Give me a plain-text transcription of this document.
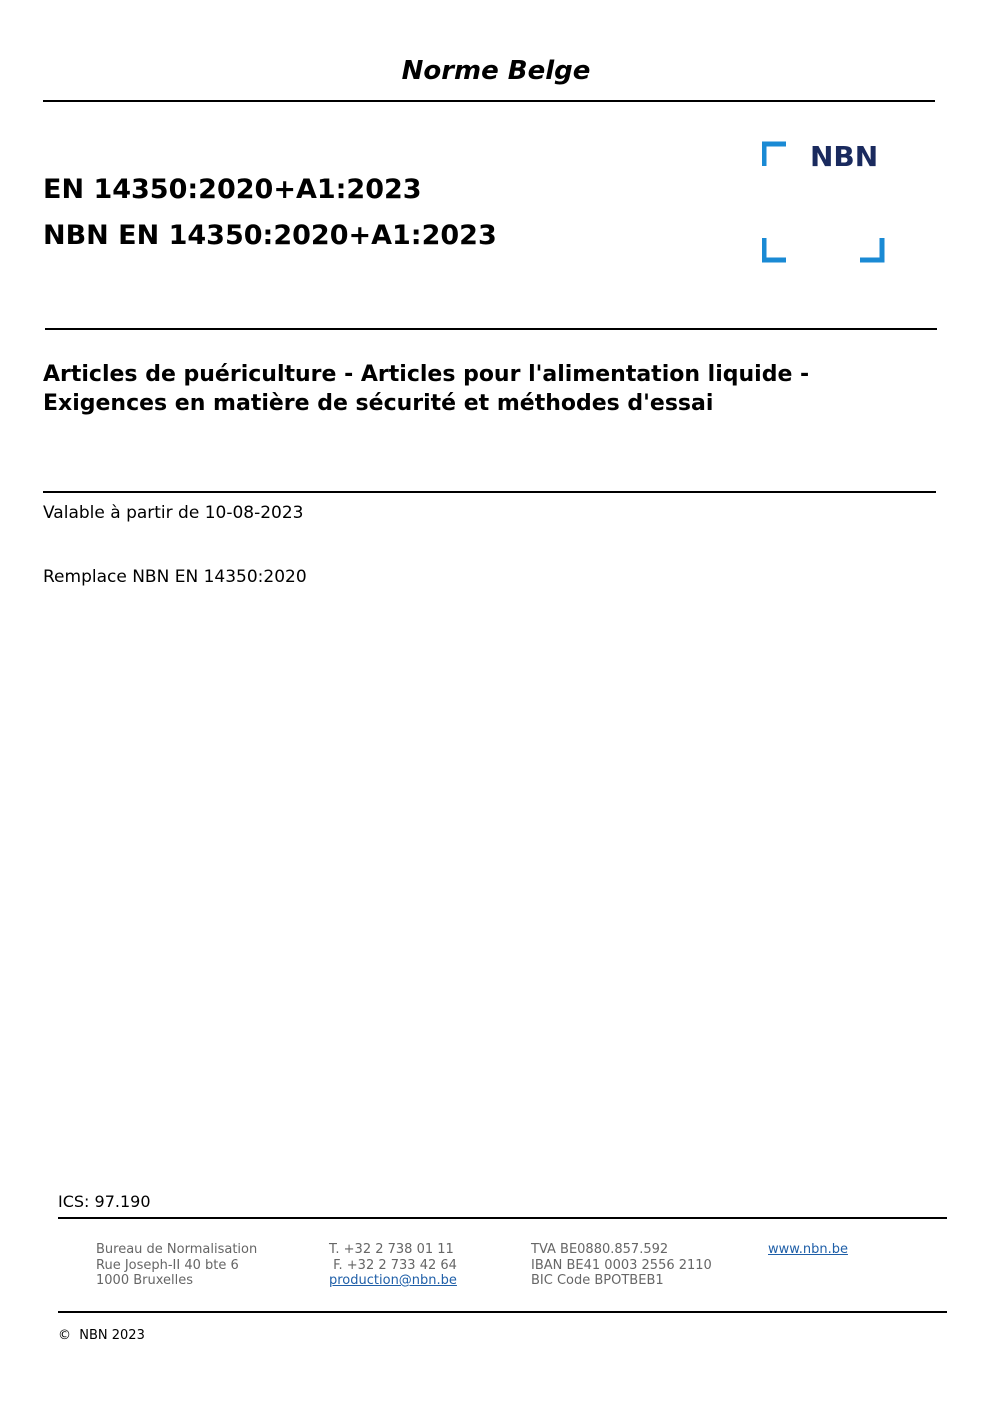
Norme Belge
EN 14350:2020+A1:2023
NBN EN 14350:2020+A1:2023
NBN
Articles de puériculture - Articles pour l'alimentation liquide -
Exigences en matière de sécurité et méthodes d'essai
Valable à partir de 10-08-2023
Remplace NBN EN 14350:2020
ICS: 97.190
Bureau de Normalisation
Rue Joseph-II 40 bte 6
1000 Bruxelles
T. +32 2 738 01 11
F. +32 2 733 42 64
production@nbn.be
TVA BE0880.857.592
IBAN BE41 0003 2556 2110
BIC Code BPOTBEB1
www.nbn.be
©  NBN 2023
